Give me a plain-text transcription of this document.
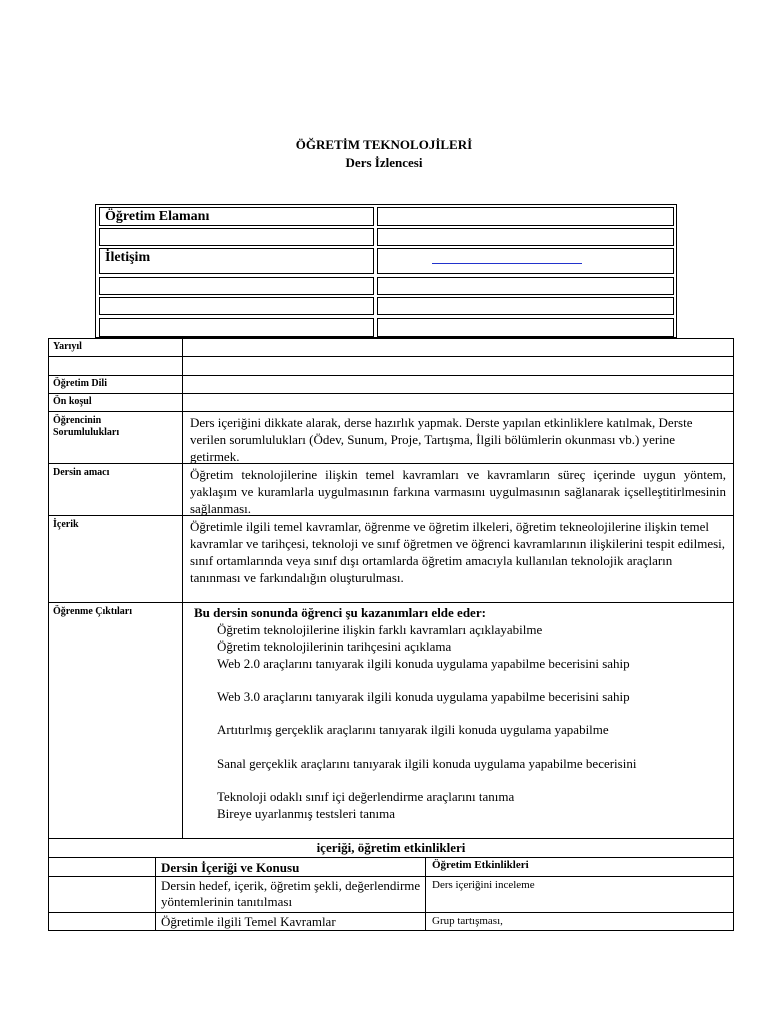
ÖĞRETİM TEKNOLOJİLERİ
Ders İzlencesi
Öğretim Elamanı
İletişim
Yarıyıl
Öğretim Dili
Ön koşul
Öğrencinin Sorumlulukları
Dersin amacı
İçerik
Öğrenme Çıktıları
Ders içeriğini dikkate alarak, derse hazırlık yapmak. Derste yapılan etkinliklere katılmak, Derste verilen sorumlulukları (Ödev, Sunum, Proje, Tartışma, İlgili bölümlerin okunması vb.) yerine getirmek.
Öğretim teknolojilerine ilişkin temel kavramları ve kavramların süreç içerinde uygun yöntem, yaklaşım ve kuramlarla uygulmasının farkına varmasını uygulmasının sağlanarak içselleştitirlmesinin sağlanması.
Öğretimle ilgili temel kavramlar, öğrenme ve öğretim ilkeleri, öğretim tekneolojilerine ilişkin temel kavramlar ve tarihçesi, teknoloji ve sınıf öğretmen ve öğrenci kavramlarının ilişkilerini tespit edilmesi, sınıf ortamlarında veya sınıf dışı ortamlarda öğretim amacıyla kullanılan teknolojik araçların tanınması ve farkındalığın oluşturulması.
Bu dersin sonunda öğrenci şu kazanımları elde eder:
Öğretim teknolojilerine ilişkin farklı kavramları açıklayabilme
Öğretim teknolojilerinin tarihçesini açıklama
Web 2.0 araçlarını tanıyarak ilgili konuda uygulama yapabilme becerisini sahip
Web 3.0 araçlarını tanıyarak ilgili konuda uygulama yapabilme becerisini sahip
Artıtırlmış gerçeklik araçlarını tanıyarak ilgili konuda uygulama yapabilme
Sanal gerçeklik araçlarını tanıyarak ilgili konuda uygulama yapabilme becerisini
Teknoloji odaklı sınıf içi değerlendirme araçlarını tanıma
Bireye uyarlanmış testsleri tanıma
içeriği, öğretim etkinlikleri
Dersin İçeriği ve Konusu	Öğretim Etkinlikleri
Dersin hedef, içerik, öğretim şekli, değerlendirme yöntemlerinin tanıtılması
Ders içeriğini inceleme
Öğretimle ilgili Temel Kavramlar	Grup tartışması,
